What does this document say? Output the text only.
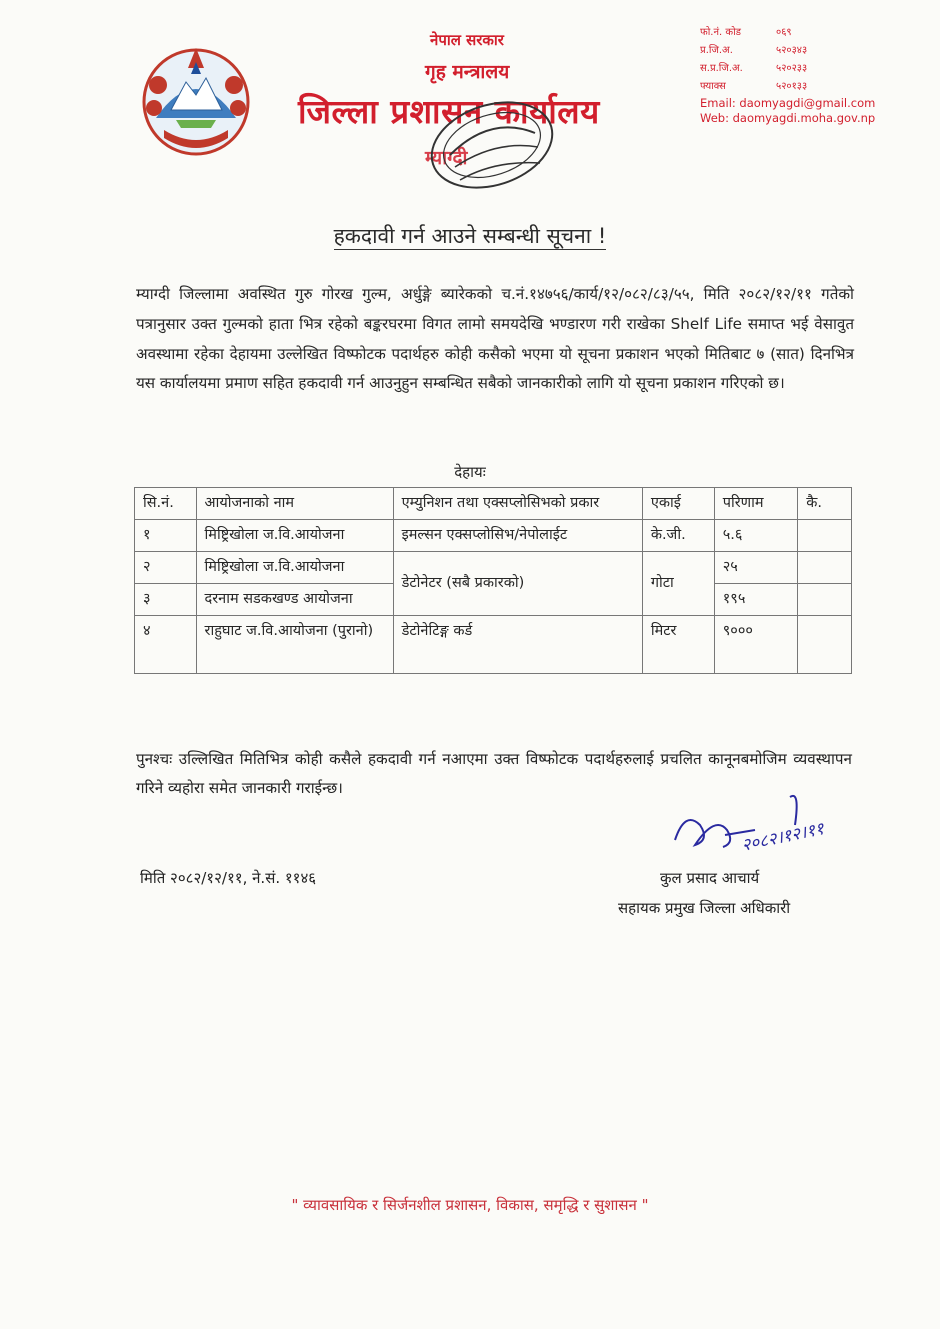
नेपाल सरकार
गृह मन्त्रालय
जिल्ला प्रशासन कार्यालय
म्याग्दी
फो.नं. कोड	०६९
प्र.जि.अ.	५२०३४३
स.प्र.जि.अ.	५२०२३३
फ्याक्स	५२०१३३
Email: daomyagdi@gmail.com
Web: daomyagdi.moha.gov.np
हकदावी गर्न आउने सम्बन्धी सूचना !
म्याग्दी जिल्लामा अवस्थित गुरु गोरख गुल्म, अर्धुङ्गे ब्यारेकको च.नं.१४७५६/कार्य/१२/०८२/८३/५५, मिति २०८२/१२/११ गतेको पत्रानुसार उक्त गुल्मको हाता भित्र रहेको बङ्करघरमा विगत लामो समयदेखि भण्डारण गरी राखेका Shelf Life समाप्त भई वेसावुत अवस्थामा रहेका देहायमा उल्लेखित विष्फोटक पदार्थहरु कोही कसैको भएमा यो सूचना प्रकाशन भएको मितिबाट ७ (सात) दिनभित्र यस कार्यालयमा प्रमाण सहित हकदावी गर्न आउनुहुन सम्बन्धित सबैको जानकारीको लागि यो सूचना प्रकाशन गरिएको छ।
देहायः
सि.नं.	आयोजनाको नाम	एम्युनिशन तथा एक्सप्लोसिभको प्रकार	एकाई	परिणाम	कै.
१	मिष्ट्रिखोला ज.वि.आयोजना	इमल्सन एक्सप्लोसिभ/नेपोलाईट	के.जी.	५.६	
२	मिष्ट्रिखोला ज.वि.आयोजना	डेटोनेटर (सबै प्रकारको)	गोटा	२५	
३	दरनाम सडकखण्ड आयोजना			१९५	
४	राहुघाट ज.वि.आयोजना (पुरानो)	डेटोनेटिङ्ग कर्ड	मिटर	९०००	
पुनश्चः उल्लिखित मितिभित्र कोही कसैले हकदावी गर्न नआएमा उक्त विष्फोटक पदार्थहरुलाई प्रचलित कानूनबमोजिम व्यवस्थापन गरिने व्यहोरा समेत जानकारी गराईन्छ।
२०८२।१२।११
मिति २०८२/१२/११, ने.सं. ११४६	कुल प्रसाद आचार्य
सहायक प्रमुख जिल्ला अधिकारी
" व्यावसायिक र सिर्जनशील प्रशासन, विकास, समृद्धि र सुशासन "
